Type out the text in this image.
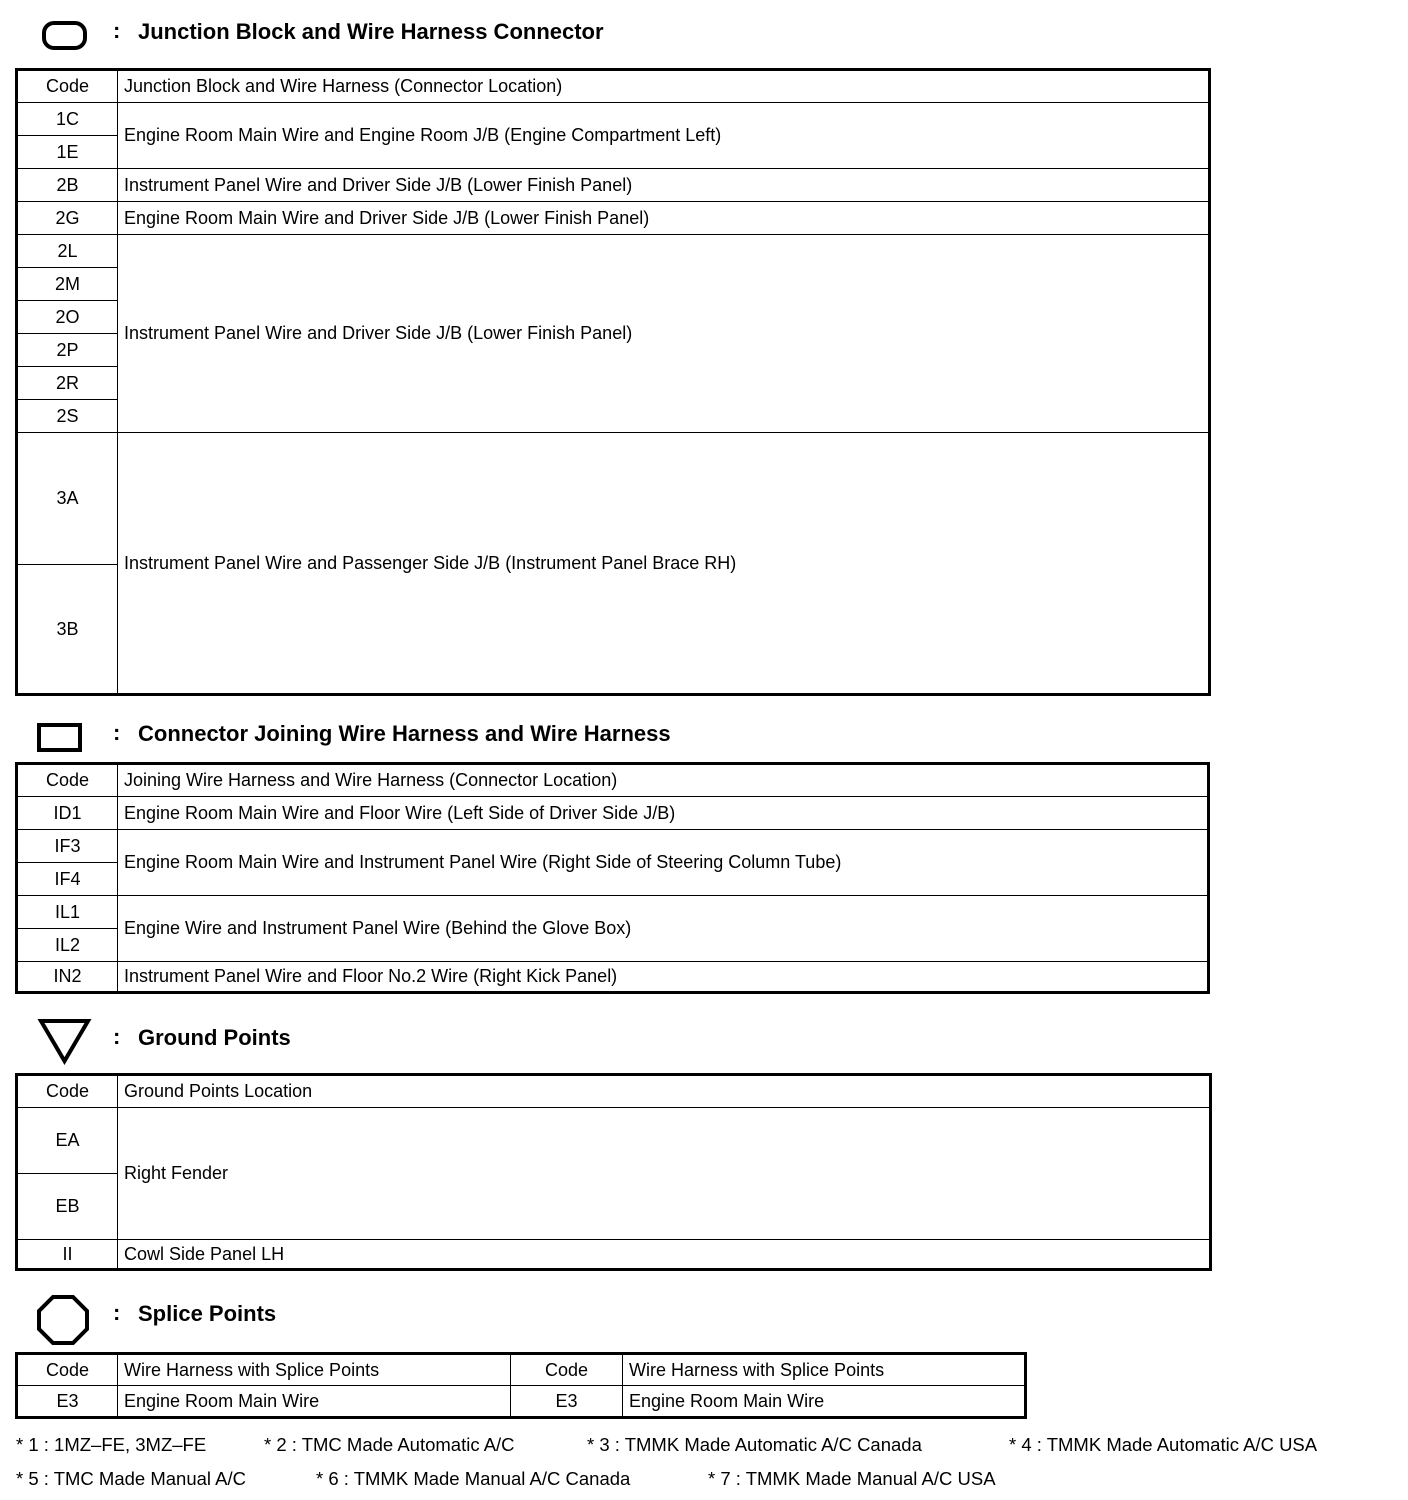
: Junction Block and Wire Harness Connector
Code	Junction Block and Wire Harness (Connector Location)
1C	Engine Room Main Wire and Engine Room J/B (Engine Compartment Left)
1E	
2B	Instrument Panel Wire and Driver Side J/B (Lower Finish Panel)
2G	Engine Room Main Wire and Driver Side J/B (Lower Finish Panel)
2L	Instrument Panel Wire and Driver Side J/B (Lower Finish Panel)
2M	
2O	
2P	
2R	
2S	
3A	Instrument Panel Wire and Passenger Side J/B (Instrument Panel Brace RH)
3B	
: Connector Joining Wire Harness and Wire Harness
Code	Joining Wire Harness and Wire Harness (Connector Location)
ID1	Engine Room Main Wire and Floor Wire (Left Side of Driver Side J/B)
IF3	Engine Room Main Wire and Instrument Panel Wire (Right Side of Steering Column Tube)
IF4	
IL1	Engine Wire and Instrument Panel Wire (Behind the Glove Box)
IL2	
IN2	Instrument Panel Wire and Floor No.2 Wire (Right Kick Panel)
: Ground Points
Code	Ground Points Location
EA	Right Fender
EB	
II	Cowl Side Panel LH
: Splice Points
Code	Wire Harness with Splice Points	Code	Wire Harness with Splice Points
E3	Engine Room Main Wire	E3	Engine Room Main Wire
* 1 : 1MZ–FE, 3MZ–FE	* 2 : TMC Made Automatic A/C	* 3 : TMMK Made Automatic A/C Canada	* 4 : TMMK Made Automatic A/C USA
* 5 : TMC Made Manual A/C	* 6 : TMMK Made Manual A/C Canada	* 7 : TMMK Made Manual A/C USA
